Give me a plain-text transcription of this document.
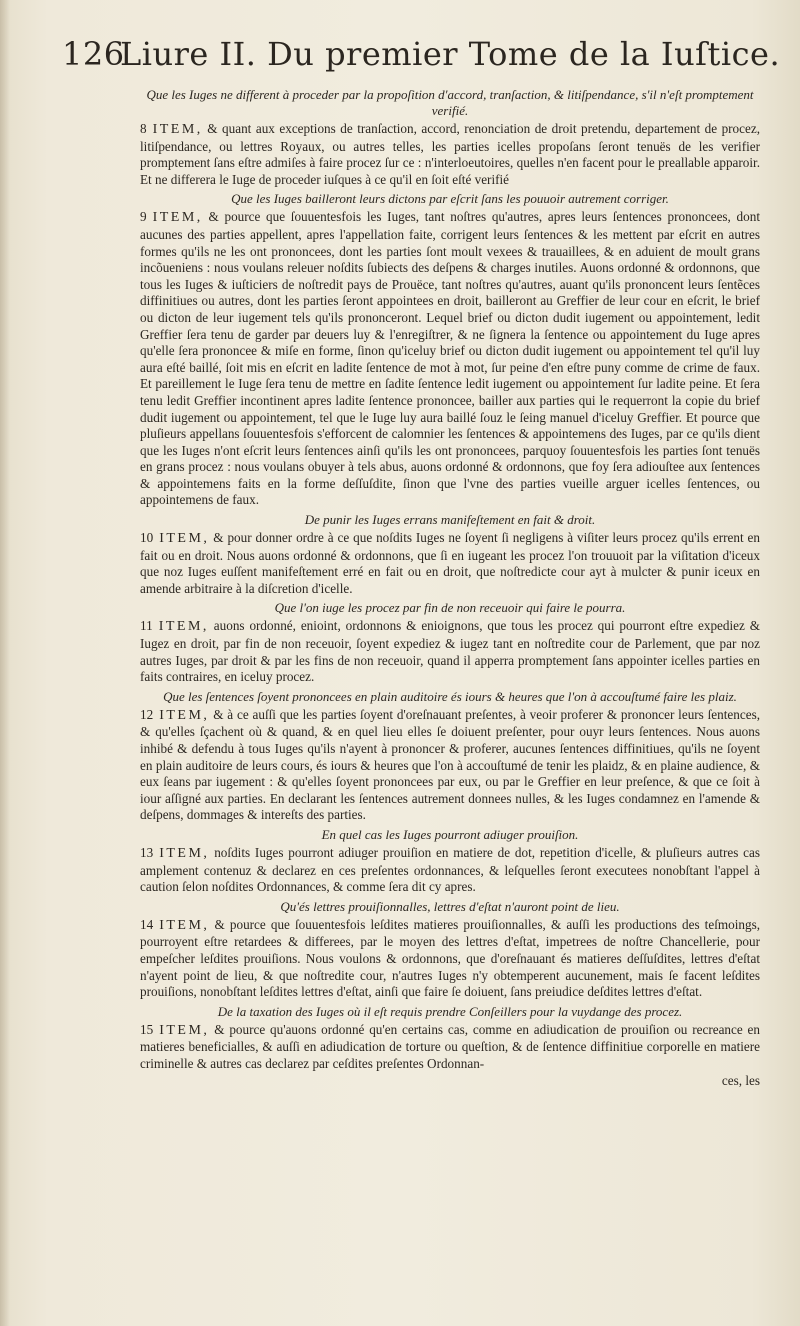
126Liure II. Du premier Tome de la Iuſtice.
Que les Iuges ne different à proceder par la propoſition d'accord, tranſaction, & litiſpendance, s'il n'eſt promptement verifié.

8 ITEM, & quant aux exceptions de tranſaction, accord, renonciation de droit pretendu, departement de procez, litiſpendance, ou lettres Royaux, ou autres telles, les parties icelles propoſans ſeront tenuës de les verifier promptement ſans eſtre admiſes à faire procez ſur ce : n'interloeutoires, quelles n'en facent pour le preallable apparoir. Et ne differera le Iuge de proceder iuſques à ce qu'il en ſoit eſté verifié

Que les Iuges bailleront leurs dictons par eſcrit ſans les pouuoir autrement corriger.

9 ITEM, & pource que ſouuentesfois les Iuges, tant noſtres qu'autres, apres leurs ſentences prononcees, dont aucunes des parties appellent, apres l'appellation faite, corrigent leurs ſentences & les mettent par eſcrit en autres formes qu'ils ne les ont prononcees, dont les parties ſont moult vexees & trauaillees, & en aduient de moult grans incõueniens : nous voulans releuer noſdits ſubiects des deſpens & charges inutiles. Auons ordonné & ordonnons, que tous les Iuges & iuſticiers de noſtredit pays de Prouëce, tant noſtres qu'autres, auant qu'ils prononcent leurs ſentẽces diffinitiues ou autres, dont les parties ſeront appointees en droit, bailleront au Greffier de leur cour en eſcrit, le brief ou dicton de leur iugement tels qu'ils prononceront. Lequel brief ou dicton dudit iugement ou appointement, ledit Greffier ſera tenu de garder par deuers luy & l'enregiſtrer, & ne ſignera la ſentence ou appointement du Iuge apres qu'elle ſera prononcee & miſe en forme, ſinon qu'iceluy brief ou dicton dudit iugement ou appointement tel qu'il luy aura eſté baillé, ſoit mis en eſcrit en ladite ſentence de mot à mot, ſur peine d'en eſtre puny comme de crime de faux. Et pareillement le Iuge ſera tenu de mettre en ſadite ſentence ledit iugement ou appointement ſur ladite peine. Et ſera tenu ledit Greffier incontinent apres ladite ſentence prononcee, bailler aux parties qui le requerront la copie du brief dudit iugement ou appointement, tel que le Iuge luy aura baillé ſouz le ſeing manuel d'iceluy Greffier. Et pource que pluſieurs appellans ſouuentesfois s'efforcent de calomnier les ſentences & appointemens des Iuges, par ce qu'ils dient que les Iuges n'ont eſcrit leurs ſentences ainſi qu'ils les ont prononcees, parquoy ſouuentesfois les parties ſont tenuës en grans procez : nous voulans obuyer à tels abus, auons ordonné & ordonnons, que foy ſera adiouſtee aux ſentences & appointemens faits en la forme deſſuſdite, ſinon que l'vne des parties vueille arguer icelles ſentences, ou appointemens de faux.

De punir les Iuges errans manifeſtement en fait & droit.

10 ITEM, & pour donner ordre à ce que noſdits Iuges ne ſoyent ſi negligens à viſiter leurs procez qu'ils errent en fait ou en droit. Nous auons ordonné & ordonnons, que ſi en iugeant les procez l'on trouuoit par la viſitation d'iceux que noz Iuges euſſent manifeſtement erré en fait ou en droit, que noſtredicte cour ayt à mulcter & punir iceux en amende arbitraire à la diſcretion d'icelle.

Que l'on iuge les procez par fin de non receuoir qui faire le pourra.

11 ITEM, auons ordonné, enioint, ordonnons & enioignons, que tous les procez qui pourront eſtre expediez & Iugez en droit, par fin de non receuoir, ſoyent expediez & iugez tant en noſtredite cour de Parlement, que par noz autres Iuges, par droit & par les fins de non receuoir, quand il apperra promptement ſans appointer icelles parties en faits contraires, en iceluy procez.

Que les ſentences ſoyent prononcees en plain auditoire és iours & heures que l'on à accouſtumé faire les plaiz.

12 ITEM, & à ce auſſi que les parties ſoyent d'oreſnauant preſentes, à veoir proferer & prononcer leurs ſentences, & qu'elles ſçachent où & quand, & en quel lieu elles ſe doiuent preſenter, pour ouyr leurs ſentences. Nous auons inhibé & defendu à tous Iuges qu'ils n'ayent à prononcer & proferer, aucunes ſentences diffinitiues, qu'ils ne ſoyent en plain auditoire de leurs cours, és iours & heures que l'on à accouſtumé de tenir les plaidz, & en plaine audience, & eux ſeans par iugement : & qu'elles ſoyent prononcees par eux, ou par le Greffier en leur preſence, & que ce ſoit à iour aſſigné aux parties. En declarant les ſentences autrement donnees nulles, & les Iuges condamnez en l'amende & deſpens, dommages & intereſts des parties.

En quel cas les Iuges pourront adiuger prouiſion.

13 ITEM, noſdits Iuges pourront adiuger prouiſion en matiere de dot, repetition d'icelle, & pluſieurs autres cas amplement contenuz & declarez en ces preſentes ordonnances, & leſquelles ſeront executees nonobſtant l'appel à caution ſelon noſdites Ordonnances, & comme ſera dit cy apres.

Qu'és lettres prouiſionnalles, lettres d'eſtat n'auront point de lieu.

14 ITEM, & pource que ſouuentesfois leſdites matieres prouiſionnalles, & auſſi les productions des teſmoings, pourroyent eſtre retardees & differees, par le moyen des lettres d'eſtat, impetrees de noſtre Chancellerie, pour empeſcher leſdites prouiſions. Nous voulons & ordonnons, que d'oreſnauant és matieres deſſuſdites, lettres d'eſtat n'ayent point de lieu, & que noſtredite cour, n'autres Iuges n'y obtemperent aucunement, mais ſe facent leſdites prouiſions, nonobſtant leſdites lettres d'eſtat, ainſi que faire ſe doiuent, ſans preiudice deſdites lettres d'eſtat.

De la taxation des Iuges où il eſt requis prendre Conſeillers pour la vuydange des procez.

15 ITEM, & pource qu'auons ordonné qu'en certains cas, comme en adiudication de prouiſion ou recreance en matieres beneficialles, & auſſi en adiudication de torture ou queſtion, & de ſentence diffinitiue corporelle en matiere criminelle & autres cas declarez par ceſdites preſentes Ordonnan-

ces, les
